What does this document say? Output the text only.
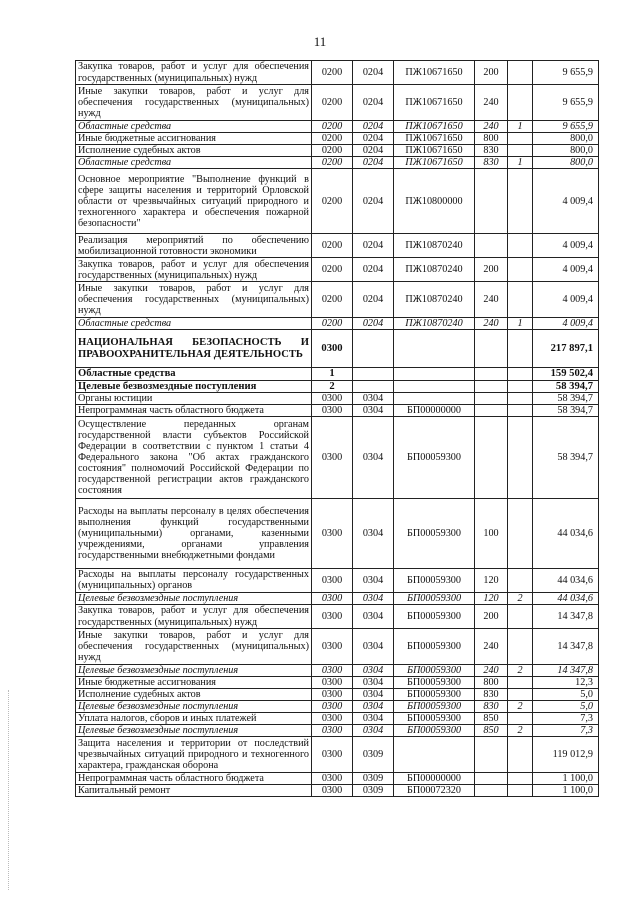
11
Закупка товаров, работ и услуг для обеспечения государственных (муниципальных) нужд	0200	0204	ПЖ10671650	200		9 655,9
Иные закупки товаров, работ и услуг для обеспечения государственных (муниципальных) нужд	0200	0204	ПЖ10671650	240		9 655,9
Областные средства	0200	0204	ПЖ10671650	240	1	9 655,9
Иные бюджетные ассигнования	0200	0204	ПЖ10671650	800		800,0
Исполнение судебных актов	0200	0204	ПЖ10671650	830		800,0
Областные средства	0200	0204	ПЖ10671650	830	1	800,0
Основное мероприятие "Выполнение функций в сфере защиты населения и территорий Орловской области от чрезвычайных ситуаций природного и техногенного характера и обеспечения пожарной безопасности"	0200	0204	ПЖ10800000			4 009,4
Реализация мероприятий по обеспечению мобилизационной готовности экономики	0200	0204	ПЖ10870240			4 009,4
Закупка товаров, работ и услуг для обеспечения государственных (муниципальных) нужд	0200	0204	ПЖ10870240	200		4 009,4
Иные закупки товаров, работ и услуг для обеспечения государственных (муниципальных) нужд	0200	0204	ПЖ10870240	240		4 009,4
Областные средства	0200	0204	ПЖ10870240	240	1	4 009,4
НАЦИОНАЛЬНАЯ БЕЗОПАСНОСТЬ И ПРАВООХРАНИТЕЛЬНАЯ ДЕЯТЕЛЬНОСТЬ	0300					217 897,1
Областные средства	1					159 502,4
Целевые безвозмездные поступления	2					58 394,7
Органы юстиции	0300	0304				58 394,7
Непрограммная часть областного бюджета	0300	0304	БП00000000			58 394,7
Осуществление переданных органам государственной власти субъектов Российской Федерации в соответствии с пунктом 1 статьи 4 Федерального закона "Об актах гражданского состояния" полномочий Российской Федерации по государственной регистрации актов гражданского состояния	0300	0304	БП00059300			58 394,7
Расходы на выплаты персоналу в целях обеспечения выполнения функций государственными (муниципальными) органами, казенными учреждениями, органами управления государственными внебюджетными фондами	0300	0304	БП00059300	100		44 034,6
Расходы на выплаты персоналу государственных (муниципальных) органов	0300	0304	БП00059300	120		44 034,6
Целевые безвозмездные поступления	0300	0304	БП00059300	120	2	44 034,6
Закупка товаров, работ и услуг для обеспечения государственных (муниципальных) нужд	0300	0304	БП00059300	200		14 347,8
Иные закупки товаров, работ и услуг для обеспечения государственных (муниципальных) нужд	0300	0304	БП00059300	240		14 347,8
Целевые безвозмездные поступления	0300	0304	БП00059300	240	2	14 347,8
Иные бюджетные ассигнования	0300	0304	БП00059300	800		12,3
Исполнение судебных актов	0300	0304	БП00059300	830		5,0
Целевые безвозмездные поступления	0300	0304	БП00059300	830	2	5,0
Уплата налогов, сборов и иных платежей	0300	0304	БП00059300	850		7,3
Целевые безвозмездные поступления	0300	0304	БП00059300	850	2	7,3
Защита населения и территории от последствий чрезвычайных ситуаций природного и техногенного характера, гражданская оборона	0300	0309				119 012,9
Непрограммная часть областного бюджета	0300	0309	БП00000000			1 100,0
Капитальный ремонт	0300	0309	БП00072320			1 100,0
